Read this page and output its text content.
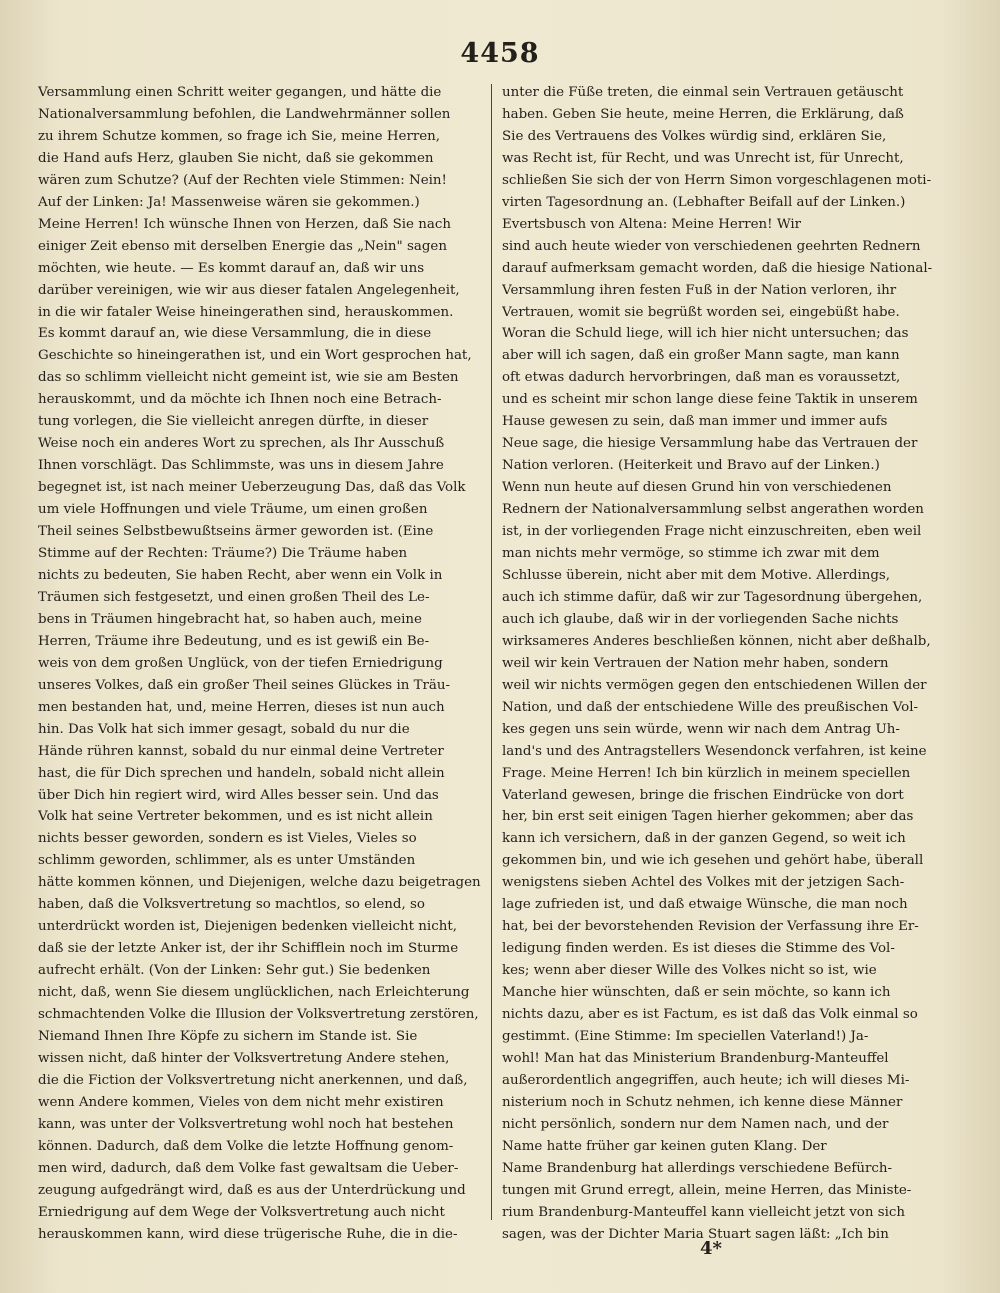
4458
Versammlung einen Schritt weiter gegangen, und hätte die
Nationalversammlung befohlen, die Landwehrmänner sollen
zu ihrem Schutze kommen, so frage ich Sie, meine Herren,
die Hand aufs Herz, glauben Sie nicht, daß sie gekommen
wären zum Schutze? (Auf der Rechten viele Stimmen: Nein!
Auf der Linken: Ja! Massenweise wären sie gekommen.)
Meine Herren! Ich wünsche Ihnen von Herzen, daß Sie nach
einiger Zeit ebenso mit derselben Energie das „Nein" sagen
möchten, wie heute. — Es kommt darauf an, daß wir uns
darüber vereinigen, wie wir aus dieser fatalen Angelegenheit,
in die wir fataler Weise hineingerathen sind, herauskommen.
Es kommt darauf an, wie diese Versammlung, die in diese
Geschichte so hineingerathen ist, und ein Wort gesprochen hat,
das so schlimm vielleicht nicht gemeint ist, wie sie am Besten
herauskommt, und da möchte ich Ihnen noch eine Betrach-
tung vorlegen, die Sie vielleicht anregen dürfte, in dieser
Weise noch ein anderes Wort zu sprechen, als Ihr Ausschuß
Ihnen vorschlägt. Das Schlimmste, was uns in diesem Jahre
begegnet ist, ist nach meiner Ueberzeugung Das, daß das Volk
um viele Hoffnungen und viele Träume, um einen großen
Theil seines Selbstbewußtseins ärmer geworden ist. (Eine
Stimme auf der Rechten: Träume?) Die Träume haben
nichts zu bedeuten, Sie haben Recht, aber wenn ein Volk in
Träumen sich festgesetzt, und einen großen Theil des Le-
bens in Träumen hingebracht hat, so haben auch, meine
Herren, Träume ihre Bedeutung, und es ist gewiß ein Be-
weis von dem großen Unglück, von der tiefen Erniedrigung
unseres Volkes, daß ein großer Theil seines Glückes in Träu-
men bestanden hat, und, meine Herren, dieses ist nun auch
hin. Das Volk hat sich immer gesagt, sobald du nur die
Hände rühren kannst, sobald du nur einmal deine Vertreter
hast, die für Dich sprechen und handeln, sobald nicht allein
über Dich hin regiert wird, wird Alles besser sein. Und das
Volk hat seine Vertreter bekommen, und es ist nicht allein
nichts besser geworden, sondern es ist Vieles, Vieles so
schlimm geworden, schlimmer, als es unter Umständen
hätte kommen können, und Diejenigen, welche dazu beigetragen
haben, daß die Volksvertretung so machtlos, so elend, so
unterdrückt worden ist, Diejenigen bedenken vielleicht nicht,
daß sie der letzte Anker ist, der ihr Schifflein noch im Sturme
aufrecht erhält. (Von der Linken: Sehr gut.) Sie bedenken
nicht, daß, wenn Sie diesem unglücklichen, nach Erleichterung
schmachtenden Volke die Illusion der Volksvertretung zerstören,
Niemand Ihnen Ihre Köpfe zu sichern im Stande ist. Sie
wissen nicht, daß hinter der Volksvertretung Andere stehen,
die die Fiction der Volksvertretung nicht anerkennen, und daß,
wenn Andere kommen, Vieles von dem nicht mehr existiren
kann, was unter der Volksvertretung wohl noch hat bestehen
können. Dadurch, daß dem Volke die letzte Hoffnung genom-
men wird, dadurch, daß dem Volke fast gewaltsam die Ueber-
zeugung aufgedrängt wird, daß es aus der Unterdrückung und
Erniedrigung auf dem Wege der Volksvertretung auch nicht
herauskommen kann, wird diese trügerische Ruhe, die in die-

unter die Füße treten, die einmal sein Vertrauen getäuscht
haben. Geben Sie heute, meine Herren, die Erklärung, daß
Sie des Vertrauens des Volkes würdig sind, erklären Sie,
was Recht ist, für Recht, und was Unrecht ist, für Unrecht,
schließen Sie sich der von Herrn Simon vorgeschlagenen moti-
virten Tagesordnung an. (Lebhafter Beifall auf der Linken.)
Evertsbusch von Altena: Meine Herren! Wir
sind auch heute wieder von verschiedenen geehrten Rednern
darauf aufmerksam gemacht worden, daß die hiesige National-
Versammlung ihren festen Fuß in der Nation verloren, ihr
Vertrauen, womit sie begrüßt worden sei, eingebüßt habe.
Woran die Schuld liege, will ich hier nicht untersuchen; das
aber will ich sagen, daß ein großer Mann sagte, man kann
oft etwas dadurch hervorbringen, daß man es voraussetzt,
und es scheint mir schon lange diese feine Taktik in unserem
Hause gewesen zu sein, daß man immer und immer aufs
Neue sage, die hiesige Versammlung habe das Vertrauen der
Nation verloren. (Heiterkeit und Bravo auf der Linken.)
Wenn nun heute auf diesen Grund hin von verschiedenen
Rednern der Nationalversammlung selbst angerathen worden
ist, in der vorliegenden Frage nicht einzuschreiten, eben weil
man nichts mehr vermöge, so stimme ich zwar mit dem
Schlusse überein, nicht aber mit dem Motive. Allerdings,
auch ich stimme dafür, daß wir zur Tagesordnung übergehen,
auch ich glaube, daß wir in der vorliegenden Sache nichts
wirksameres Anderes beschließen können, nicht aber deßhalb,
weil wir kein Vertrauen der Nation mehr haben, sondern
weil wir nichts vermögen gegen den entschiedenen Willen der
Nation, und daß der entschiedene Wille des preußischen Vol-
kes gegen uns sein würde, wenn wir nach dem Antrag Uh-
land's und des Antragstellers Wesendonck verfahren, ist keine
Frage. Meine Herren! Ich bin kürzlich in meinem speciellen
Vaterland gewesen, bringe die frischen Eindrücke von dort
her, bin erst seit einigen Tagen hierher gekommen; aber das
kann ich versichern, daß in der ganzen Gegend, so weit ich
gekommen bin, und wie ich gesehen und gehört habe, überall
wenigstens sieben Achtel des Volkes mit der jetzigen Sach-
lage zufrieden ist, und daß etwaige Wünsche, die man noch
hat, bei der bevorstehenden Revision der Verfassung ihre Er-
ledigung finden werden. Es ist dieses die Stimme des Vol-
kes; wenn aber dieser Wille des Volkes nicht so ist, wie
Manche hier wünschten, daß er sein möchte, so kann ich
nichts dazu, aber es ist Factum, es ist daß das Volk einmal so
gestimmt. (Eine Stimme: Im speciellen Vaterland!) Ja-
wohl! Man hat das Ministerium Brandenburg-Manteuffel
außerordentlich angegriffen, auch heute; ich will dieses Mi-
nisterium noch in Schutz nehmen, ich kenne diese Männer
nicht persönlich, sondern nur dem Namen nach, und der
Name hatte früher gar keinen guten Klang. Der
Name Brandenburg hat allerdings verschiedene Befürch-
tungen mit Grund erregt, allein, meine Herren, das Ministe-
rium Brandenburg-Manteuffel kann vielleicht jetzt von sich
sagen, was der Dichter Maria Stuart sagen läßt: „Ich bin

4*
